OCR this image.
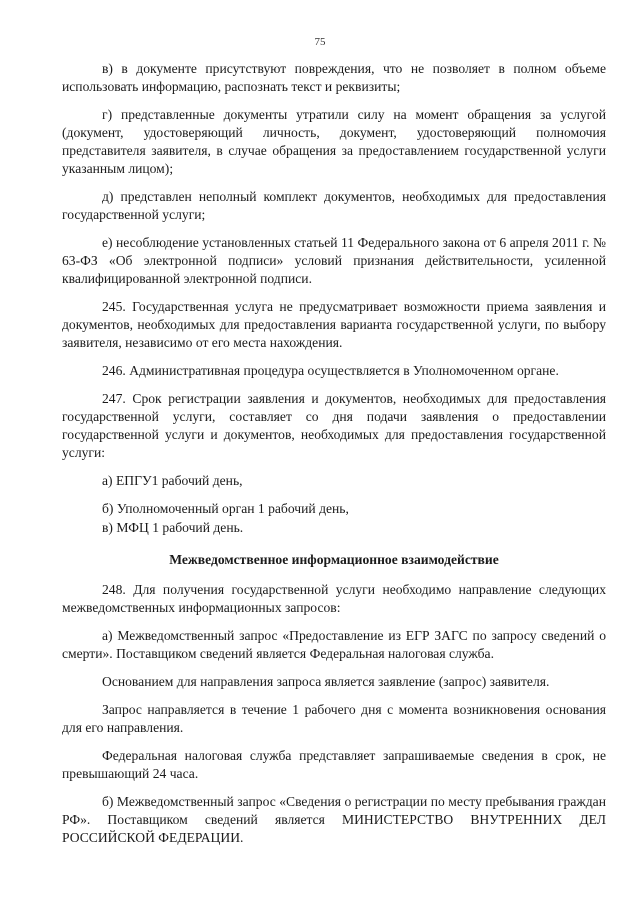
75

в) в документе присутствуют повреждения, что не позволяет в полном объеме использовать информацию, распознать текст и реквизиты;

г) представленные документы утратили силу на момент обращения за услугой (документ, удостоверяющий личность, документ, удостоверяющий полномочия представителя заявителя, в случае обращения за предоставлением государственной услуги указанным лицом);

д) представлен неполный комплект документов, необходимых для предоставления государственной услуги;

е) несоблюдение установленных статьей 11 Федерального закона от 6 апреля 2011 г. № 63-ФЗ «Об электронной подписи» условий признания действительности, усиленной квалифицированной электронной подписи.

245. Государственная услуга не предусматривает возможности приема заявления и документов, необходимых для предоставления варианта государственной услуги, по выбору заявителя, независимо от его места нахождения.

246. Административная процедура осуществляется в Уполномоченном органе.

247. Срок регистрации заявления и документов, необходимых для предоставления государственной услуги, составляет со дня подачи заявления о предоставлении государственной услуги и документов, необходимых для предоставления государственной услуги:

а) ЕПГУ1 рабочий день,

б) Уполномоченный орган 1 рабочий день,

в) МФЦ 1 рабочий день.

Межведомственное информационное взаимодействие

248. Для получения государственной услуги необходимо направление следующих межведомственных информационных запросов:

а) Межведомственный запрос «Предоставление из ЕГР ЗАГС по запросу сведений о смерти». Поставщиком сведений является Федеральная налоговая служба.

Основанием для направления запроса является заявление (запрос) заявителя.

Запрос направляется в течение 1 рабочего дня с момента возникновения основания для его направления.

Федеральная налоговая служба представляет запрашиваемые сведения в срок, не превышающий 24 часа.

б) Межведомственный запрос «Сведения о регистрации по месту пребывания граждан РФ». Поставщиком сведений является МИНИСТЕРСТВО ВНУТРЕННИХ ДЕЛ РОССИЙСКОЙ ФЕДЕРАЦИИ.
